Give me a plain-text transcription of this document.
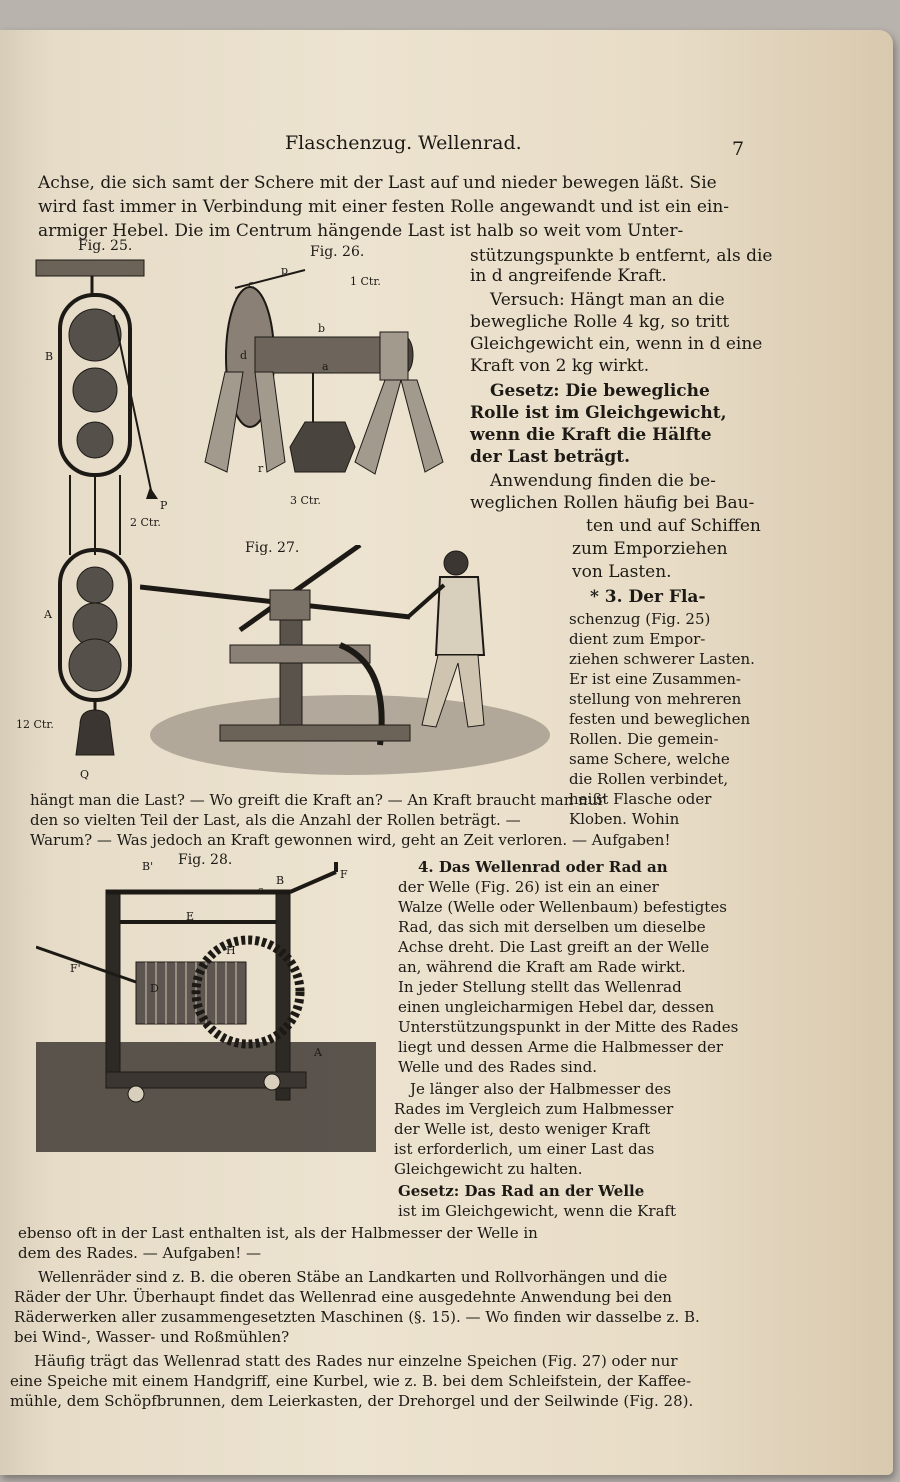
Flaschenzug. Wellenrad.	7
Achse, die sich samt der Schere mit der Last auf und nieder bewegen läßt. Sie
wird fast immer in Verbindung mit einer festen Rolle angewandt und ist ein ein-
armiger Hebel. Die im Centrum hängende Last ist halb so weit vom Unter-
stützungspunkte b entfernt, als die
in d angreifende Kraft.
Versuch: Hängt man an die
bewegliche Rolle 4 kg, so tritt
Gleichgewicht ein, wenn in d eine
Kraft von 2 kg wirkt.
Gesetz: Die bewegliche
Rolle ist im Gleichgewicht,
wenn die Kraft die Hälfte
der Last beträgt.
Anwendung finden die be-
weglichen Rollen häufig bei Bau-
ten und auf Schiffen
zum Emporziehen
von Lasten.
* 3. Der Fla-
schenzug (Fig. 25)
dient zum Empor-
ziehen schwerer Lasten.
Er ist eine Zusammen-
stellung von mehreren
festen und beweglichen
Rollen. Die gemein-
same Schere, welche
die Rollen verbindet,
heißt Flasche oder
Kloben. Wohin
hängt man die Last? — Wo greift die Kraft an? — An Kraft braucht man nur
den so vielten Teil der Last, als die Anzahl der Rollen beträgt. —
Warum? — Was jedoch an Kraft gewonnen wird, geht an Zeit verloren. — Aufgaben!
4. Das Wellenrad oder Rad an
der Welle (Fig. 26) ist ein an einer
Walze (Welle oder Wellenbaum) befestigtes
Rad, das sich mit derselben um dieselbe
Achse dreht. Die Last greift an der Welle
an, während die Kraft am Rade wirkt.
In jeder Stellung stellt das Wellenrad
einen ungleicharmigen Hebel dar, dessen
Unterstützungspunkt in der Mitte des Rades
liegt und dessen Arme die Halbmesser der
Welle und des Rades sind.
Je länger also der Halbmesser des
Rades im Vergleich zum Halbmesser
der Welle ist, desto weniger Kraft
ist erforderlich, um einer Last das
Gleichgewicht zu halten.
Gesetz: Das Rad an der Welle
ist im Gleichgewicht, wenn die Kraft
ebenso oft in der Last enthalten ist, als der Halbmesser der Welle in
dem des Rades. — Aufgaben! —
Wellenräder sind z. B. die oberen Stäbe an Landkarten und Rollvorhängen und die
Räder der Uhr. Überhaupt findet das Wellenrad eine ausgedehnte Anwendung bei den
Räderwerken aller zusammengesetzten Maschinen (§. 15). — Wo finden wir dasselbe z. B.
bei Wind-, Wasser- und Roßmühlen?
Häufig trägt das Wellenrad statt des Rades nur einzelne Speichen (Fig. 27) oder nur
eine Speiche mit einem Handgriff, eine Kurbel, wie z. B. bei dem Schleifstein, der Kaffee-
mühle, dem Schöpfbrunnen, dem Leierkasten, der Drehorgel und der Seilwinde (Fig. 28).
Fig. 25.
B
A
P
2 Ctr.
12 Ctr.
Q
Fig. 26.
p
c	1 Ctr.
b
d
a
r
3 Ctr.
Fig. 27.
Fig. 28.
B'
s
B	F
E
H
F'
D
A
